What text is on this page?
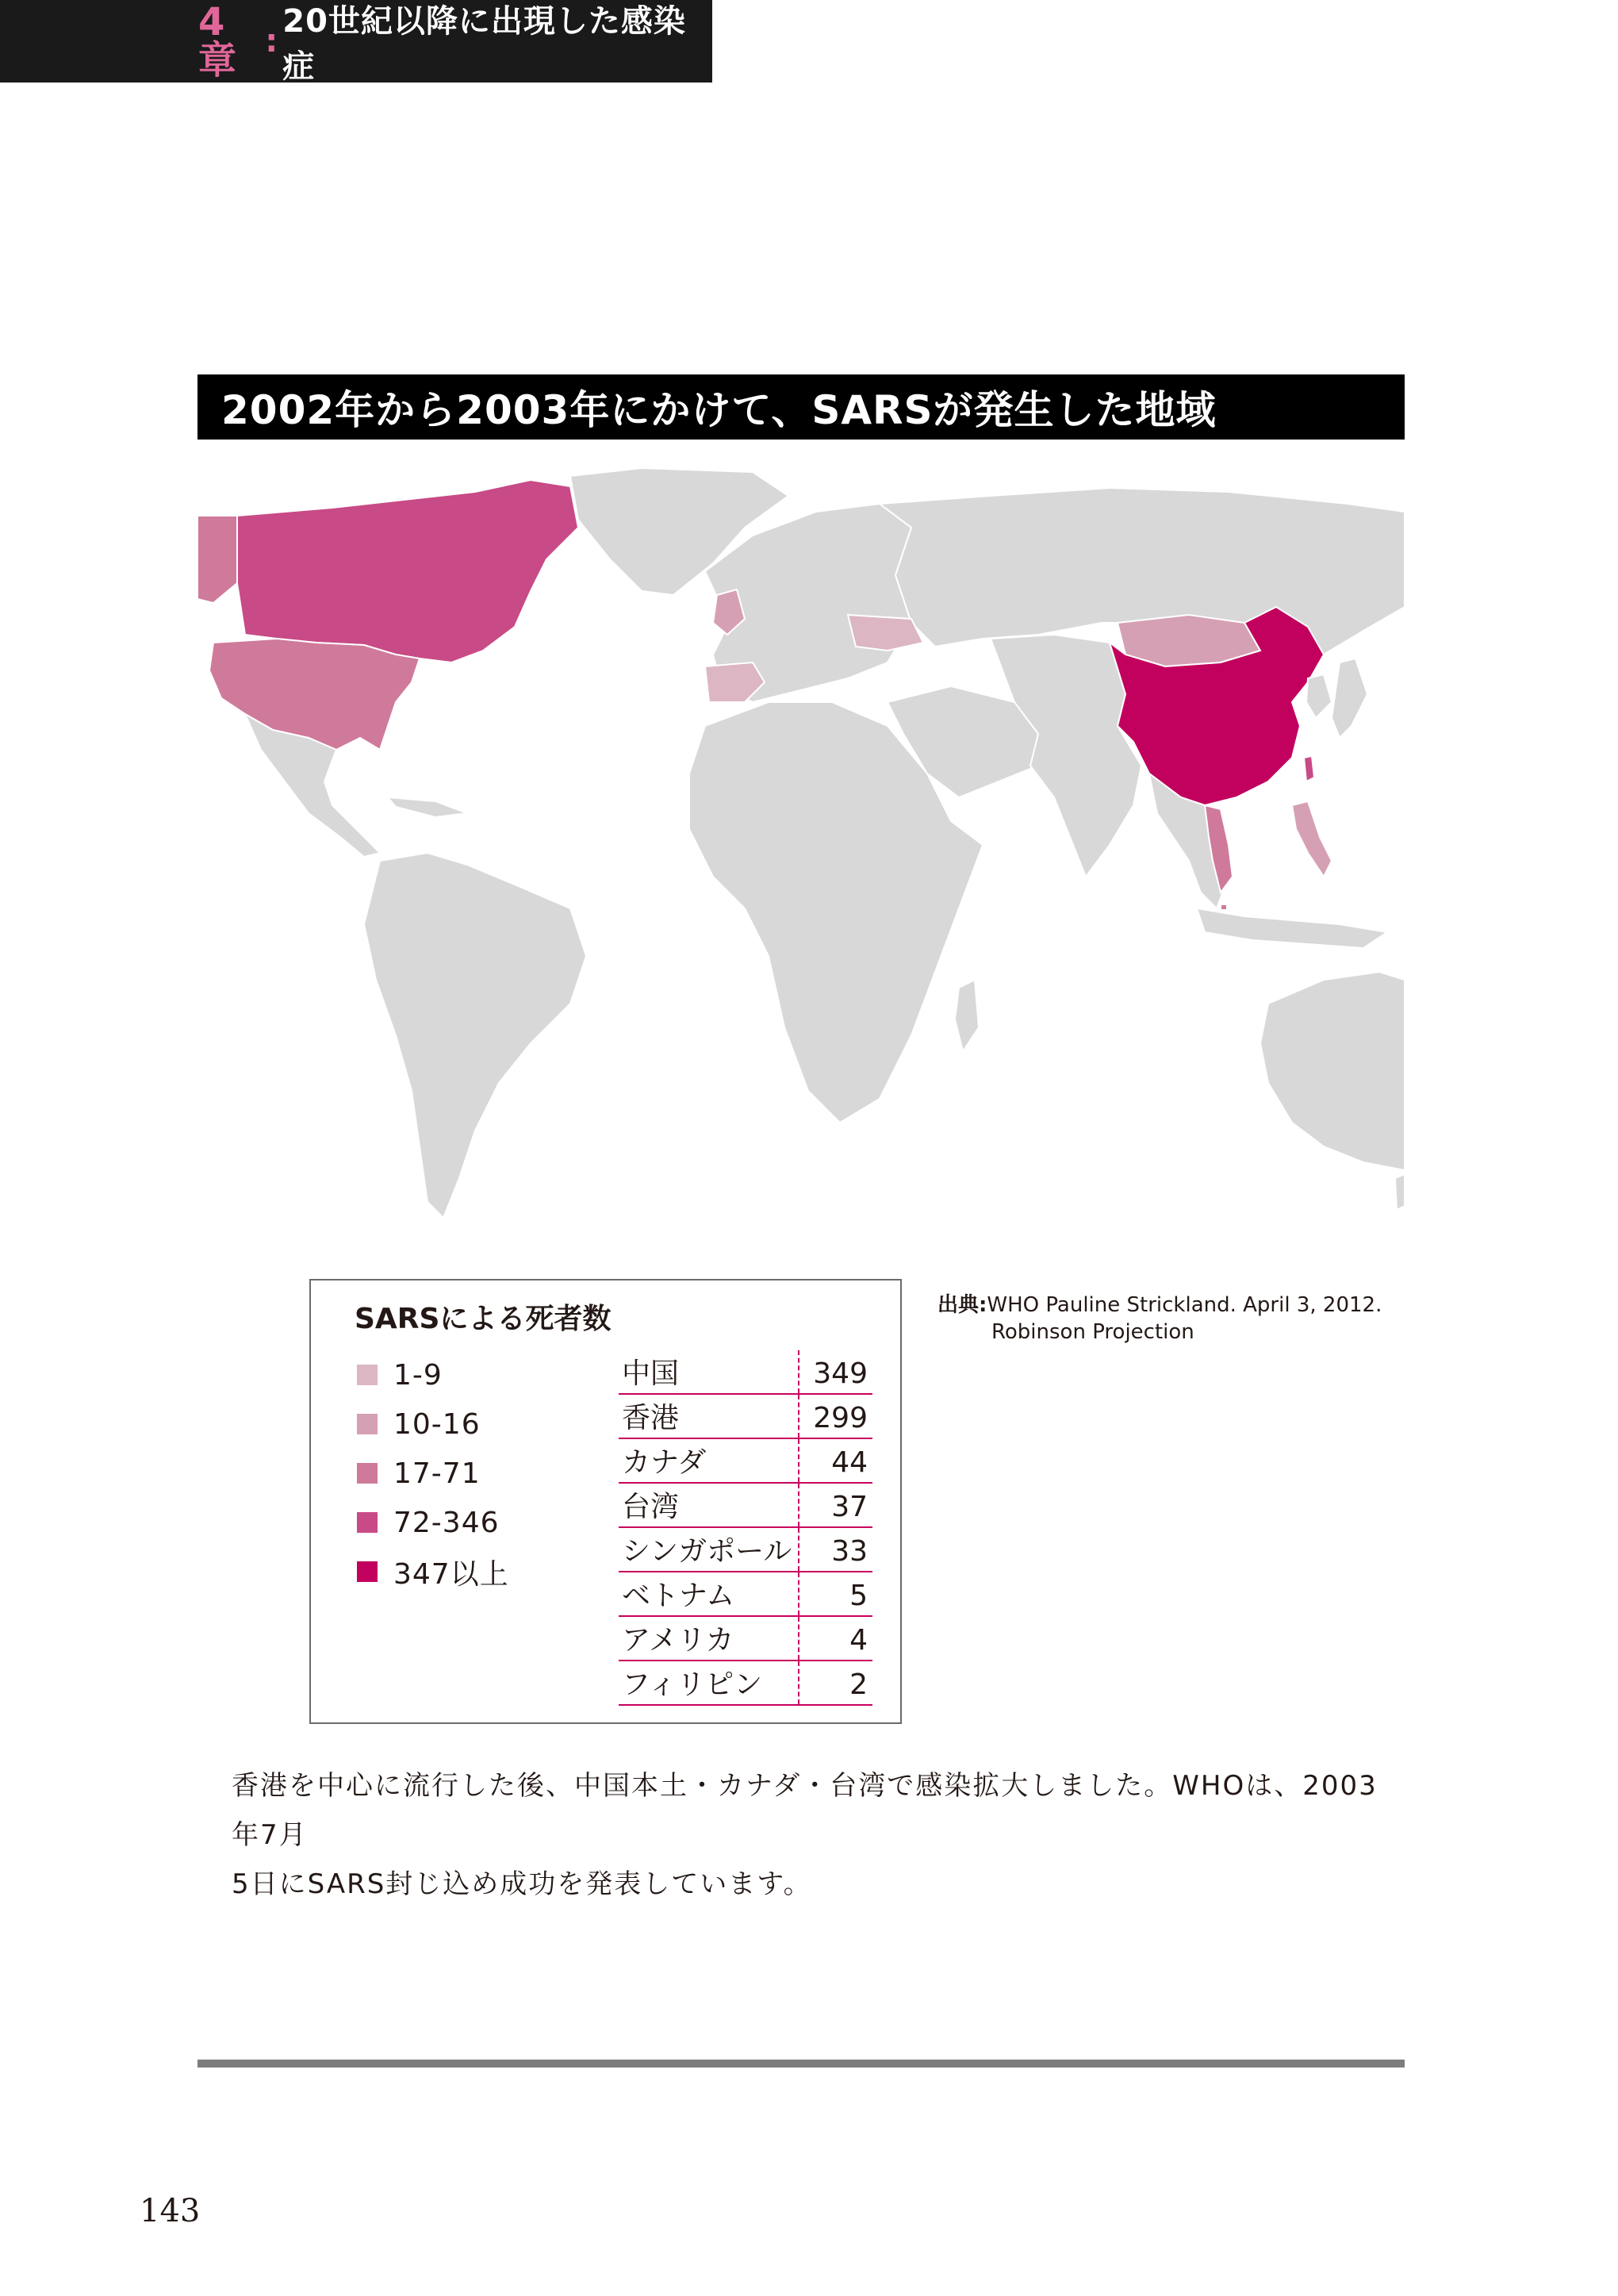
4章 :
20世紀以降に出現した感染症
2002年から2003年にかけて、SARSが発生した地域
SARSによる死者数
1-9
10-16
17-71
72-346
347以上
中国	349
香港	299
カナダ	44
台湾	37
シンガポール	33
ベトナム	5
アメリカ	4
フィリピン	2
出典:WHO Pauline Strickland. April 3, 2012.
Robinson Projection
香港を中心に流行した後、中国本土・カナダ・台湾で感染拡大しました。WHOは、2003年7月
5日にSARS封じ込め成功を発表しています。
143
